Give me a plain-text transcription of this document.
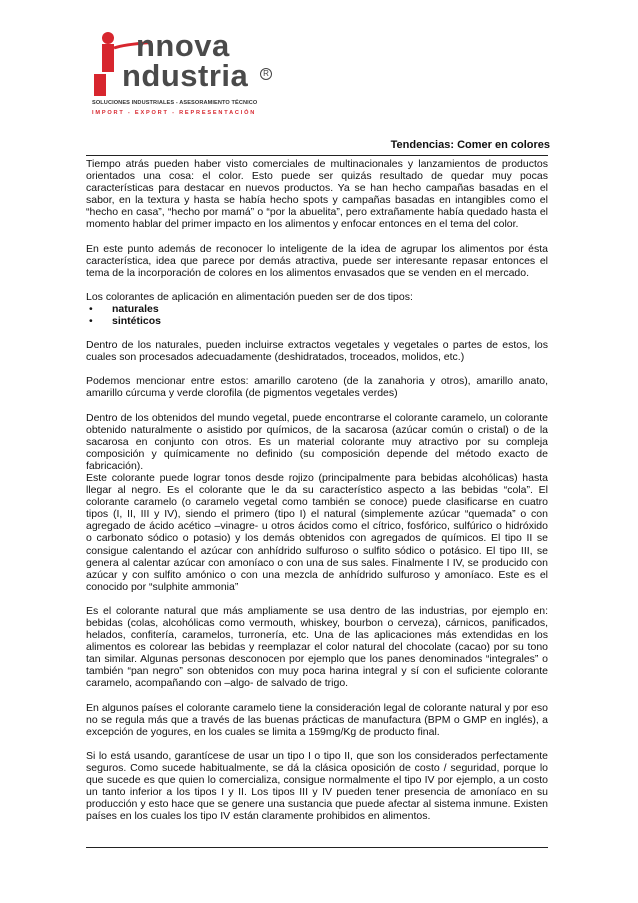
nnova
ndustria	R
SOLUCIONES INDUSTRIALES - ASESORAMIENTO TÉCNICO
IMPORT - EXPORT - REPRESENTACIÓN
Tendencias: Comer en colores

Tiempo atrás pueden haber visto comerciales de multinacionales y lanzamientos de productos orientados una cosa: el color. Esto puede ser quizás resultado de quedar muy pocas características para destacar en nuevos productos. Ya se han hecho campañas basadas en el sabor, en la textura y hasta se había hecho spots y campañas basadas en intangibles como el “hecho en casa”, “hecho por mamá” o “por la abuelita”, pero extrañamente había quedado hasta el momento hablar del primer impacto en los alimentos y enfocar entonces en el tema del color.

En este punto además de reconocer lo inteligente de la idea de agrupar los alimentos por ésta característica, idea que parece por demás atractiva, puede ser interesante repasar entonces el tema de la incorporación de colores en los alimentos envasados que se venden en el mercado.

Los colorantes de aplicación en alimentación pueden ser de dos tipos:

• naturales
• sintéticos

Dentro de los naturales, pueden incluirse extractos vegetales y vegetales o partes de estos, los cuales son procesados adecuadamente (deshidratados, troceados, molidos, etc.)

Podemos mencionar entre estos: amarillo caroteno (de la zanahoria y otros), amarillo anato, amarillo cúrcuma y verde clorofila (de pigmentos vegetales verdes)

Dentro de los obtenidos del mundo vegetal, puede encontrarse el colorante caramelo, un colorante obtenido naturalmente o asistido por químicos, de la sacarosa (azúcar común o cristal) o de la sacarosa en conjunto con otros. Es un material colorante muy atractivo por su compleja composición y químicamente no definido (su composición depende del método exacto de fabricación).

Este colorante puede lograr tonos desde rojizo (principalmente para bebidas alcohólicas) hasta llegar al negro. Es el colorante que le da su característico aspecto a las bebidas “cola”. El colorante caramelo (o caramelo vegetal como también se conoce) puede clasificarse en cuatro tipos (I, II, III y IV), siendo el primero (tipo I) el natural (simplemente azúcar “quemada” o con agregado de ácido acético –vinagre- u otros ácidos como el cítrico, fosfórico, sulfúrico o hidróxido o carbonato sódico o potasio) y los demás obtenidos con agregados de químicos. El tipo II se consigue calentando el azúcar con anhídrido sulfuroso o sulfito sódico o potásico. El tipo III, se genera al calentar azúcar con amoníaco o con una de sus sales. Finalmente I IV, se producido con azúcar y con sulfito amónico o con una mezcla de anhídrido sulfuroso y amoníaco. Este es el conocido por “sulphite ammonia”

Es el colorante natural que más ampliamente se usa dentro de las industrias, por ejemplo en: bebidas (colas, alcohólicas como vermouth, whiskey, bourbon o cerveza), cárnicos, panificados, helados, confitería, caramelos, turronería, etc. Una de las aplicaciones más extendidas en los alimentos es colorear las bebidas y reemplazar el color natural del chocolate (cacao) por su tono tan similar. Algunas personas desconocen por ejemplo que los panes denominados “integrales” o también “pan negro” son obtenidos con muy poca harina integral y sí con el suficiente colorante caramelo, acompañando con –algo- de salvado de trigo.

En algunos países el colorante caramelo tiene la consideración legal de colorante natural y por eso no se regula más que a través de las buenas prácticas de manufactura (BPM o GMP en inglés), a excepción de yogures, en los cuales se limita a 159mg/Kg de producto final.

Si lo está usando, garantícese de usar un tipo I o tipo II, que son los considerados perfectamente seguros. Como sucede habitualmente, se dá la clásica oposición de costo / seguridad, porque lo que sucede es que quien lo comercializa, consigue normalmente el tipo IV por ejemplo, a un costo un tanto inferior a los tipos I y II. Los tipos III y IV pueden tener presencia de amoníaco en su producción y esto hace que se genere una sustancia que puede afectar al sistema inmune. Existen países en los cuales los tipo IV están claramente prohibidos en alimentos.
